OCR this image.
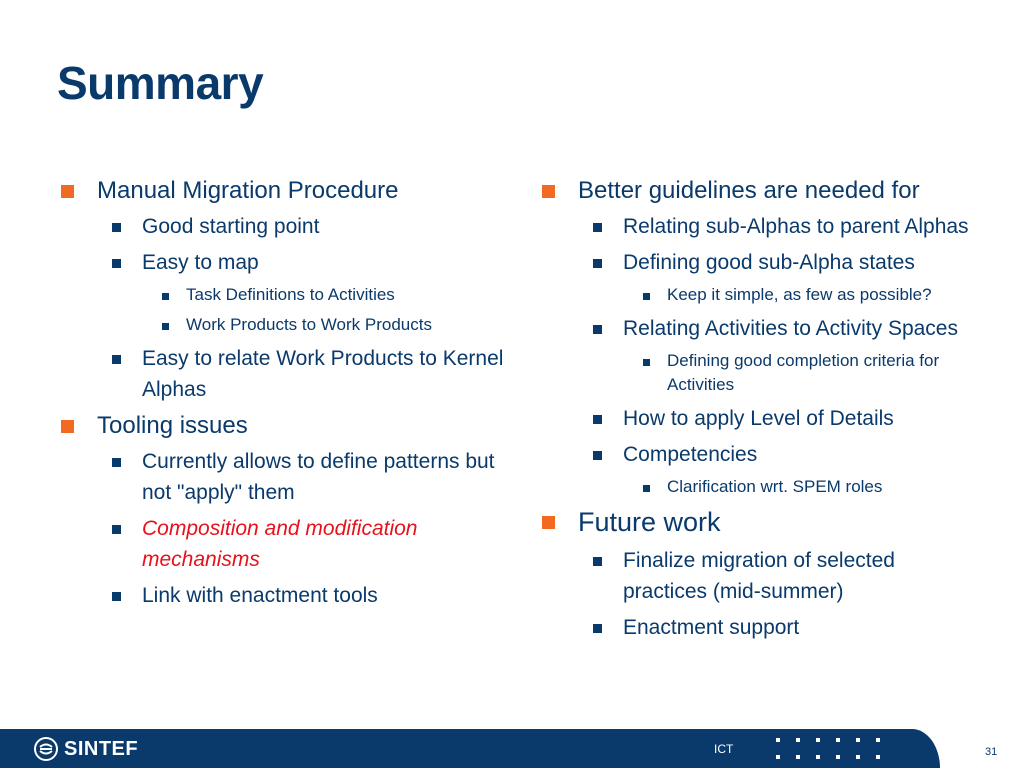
Summary
Manual Migration Procedure
Good starting point
Easy to map
Task Definitions to Activities
Work Products to Work Products
Easy to relate Work Products to Kernel Alphas
Tooling issues
Currently allows to define patterns but not "apply" them
Composition and modification mechanisms
Link with enactment tools
Better guidelines are needed for
Relating sub-Alphas to parent Alphas
Defining good sub-Alpha states
Keep it simple, as few as possible?
Relating Activities to Activity Spaces
Defining good completion criteria for Activities
How to apply Level of Details
Competencies
Clarification wrt. SPEM roles
Future work
Finalize migration of selected practices (mid-summer)
Enactment support
SINTEF	ICT	31
